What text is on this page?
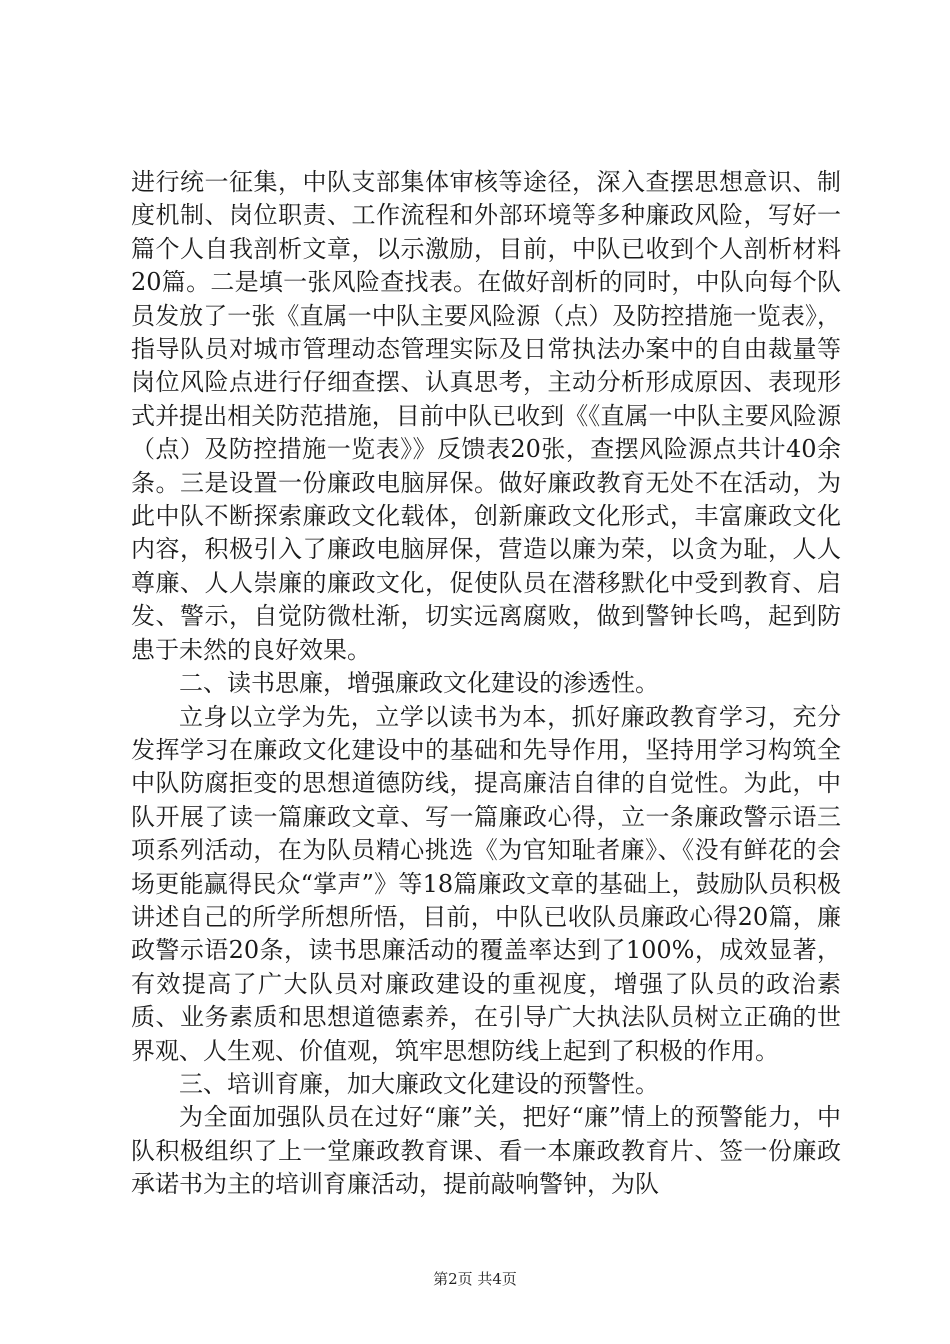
进行统一征集，中队支部集体审核等途径，深入查摆思想意识、制度机制、岗位职责、工作流程和外部环境等多种廉政风险，写好一篇个人自我剖析文章，以示激励，目前，中队已收到个人剖析材料20篇。二是填一张风险查找表。在做好剖析的同时，中队向每个队员发放了一张《直属一中队主要风险源（点）及防控措施一览表》，指导队员对城市管理动态管理实际及日常执法办案中的自由裁量等岗位风险点进行仔细查摆、认真思考，主动分析形成原因、表现形式并提出相关防范措施，目前中队已收到《《直属一中队主要风险源（点）及防控措施一览表》》反馈表20张，查摆风险源点共计40余条。三是设置一份廉政电脑屏保。做好廉政教育无处不在活动，为此中队不断探索廉政文化载体，创新廉政文化形式，丰富廉政文化内容，积极引入了廉政电脑屏保，营造以廉为荣，以贪为耻，人人尊廉、人人崇廉的廉政文化，促使队员在潜移默化中受到教育、启发、警示，自觉防微杜渐，切实远离腐败，做到警钟长鸣，起到防患于未然的良好效果。

二、读书思廉，增强廉政文化建设的渗透性。

立身以立学为先，立学以读书为本，抓好廉政教育学习，充分发挥学习在廉政文化建设中的基础和先导作用，坚持用学习构筑全中队防腐拒变的思想道德防线，提高廉洁自律的自觉性。为此，中队开展了读一篇廉政文章、写一篇廉政心得，立一条廉政警示语三项系列活动，在为队员精心挑选《为官知耻者廉》、《没有鲜花的会场更能赢得民众“掌声”》等18篇廉政文章的基础上，鼓励队员积极讲述自己的所学所想所悟，目前，中队已收队员廉政心得20篇，廉政警示语20条，读书思廉活动的覆盖率达到了100%，成效显著，有效提高了广大队员对廉政建设的重视度，增强了队员的政治素质、业务素质和思想道德素养，在引导广大执法队员树立正确的世界观、人生观、价值观，筑牢思想防线上起到了积极的作用。

三、培训育廉，加大廉政文化建设的预警性。

为全面加强队员在过好“廉”关，把好“廉”情上的预警能力，中队积极组织了上一堂廉政教育课、看一本廉政教育片、签一份廉政承诺书为主的培训育廉活动，提前敲响警钟，为队

第2页 共4页
